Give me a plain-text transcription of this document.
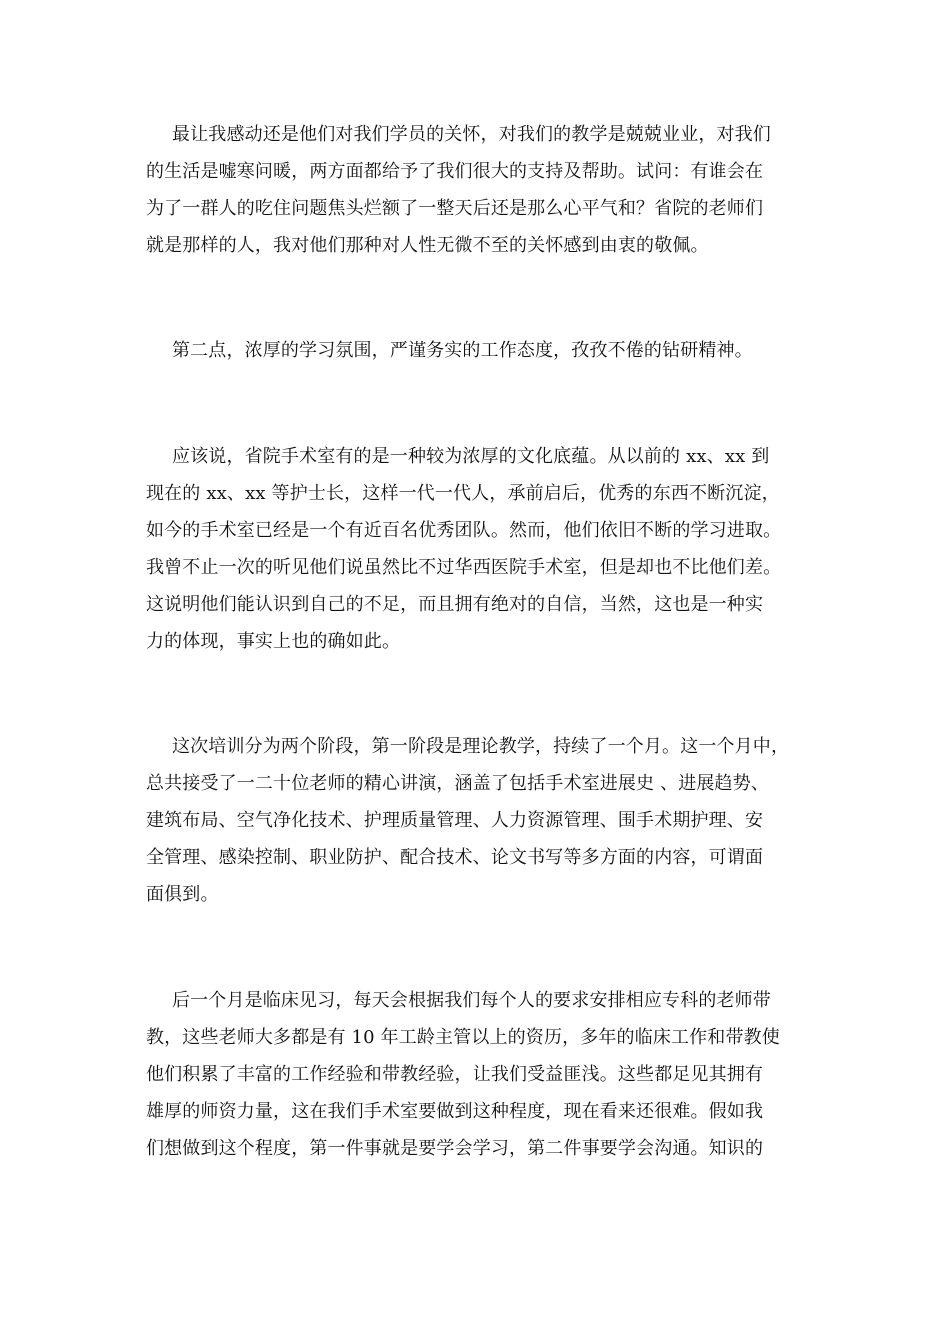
最让我感动还是他们对我们学员的关怀，对我们的教学是兢兢业业，对我们

的生活是嘘寒问暖，两方面都给予了我们很大的支持及帮助。试问：有谁会在

为了一群人的吃住问题焦头烂额了一整天后还是那么心平气和？省院的老师们

就是那样的人，我对他们那种对人性无微不至的关怀感到由衷的敬佩。

第二点，浓厚的学习氛围，严谨务实的工作态度，孜孜不倦的钻研精神。

应该说，省院手术室有的是一种较为浓厚的文化底蕴。从以前的 xx、xx 到

现在的 xx、xx 等护士长，这样一代一代人，承前启后，优秀的东西不断沉淀，

如今的手术室已经是一个有近百名优秀团队。然而，他们依旧不断的学习进取。

我曾不止一次的听见他们说虽然比不过华西医院手术室，但是却也不比他们差。

这说明他们能认识到自己的不足，而且拥有绝对的自信，当然，这也是一种实

力的体现，事实上也的确如此。

这次培训分为两个阶段，第一阶段是理论教学，持续了一个月。这一个月中，

总共接受了一二十位老师的精心讲演，涵盖了包括手术室进展史 、进展趋势、

建筑布局、空气净化技术、护理质量管理、人力资源管理、围手术期护理、安

全管理、感染控制、职业防护、配合技术、论文书写等多方面的内容，可谓面

面俱到。

后一个月是临床见习，每天会根据我们每个人的要求安排相应专科的老师带

教，这些老师大多都是有 10 年工龄主管以上的资历，多年的临床工作和带教使

他们积累了丰富的工作经验和带教经验，让我们受益匪浅。这些都足见其拥有

雄厚的师资力量，这在我们手术室要做到这种程度，现在看来还很难。假如我

们想做到这个程度，第一件事就是要学会学习，第二件事要学会沟通。知识的
